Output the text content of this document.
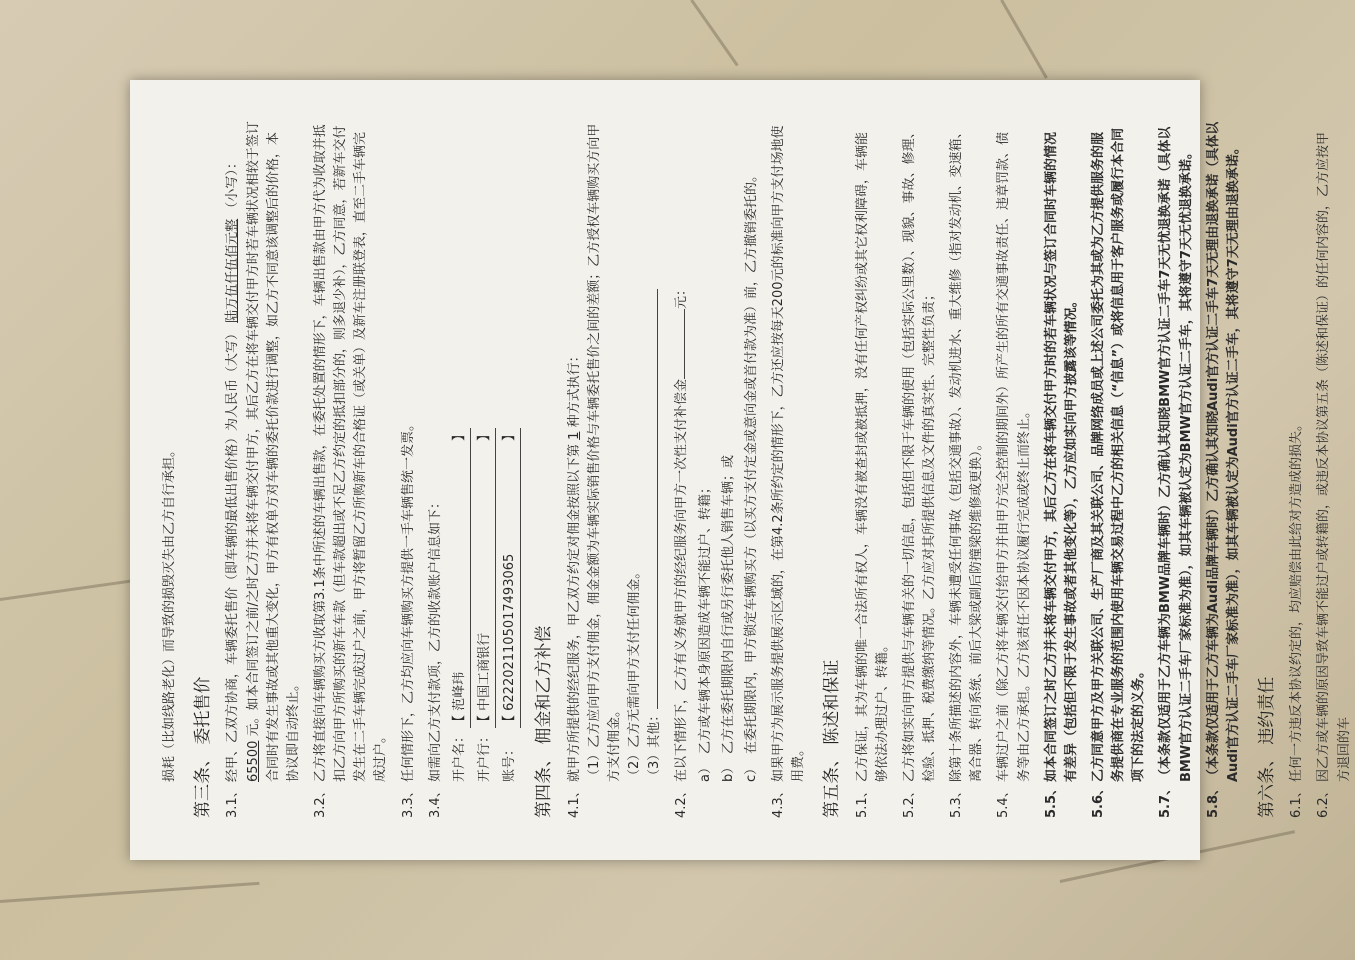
损耗（比如线路老化）而导致的损毁灭失由乙方自行承担。 第三条、 委托售价 3.1、
经甲、乙双方协商，车辆委托售价（即车辆的最低出售价格）为人民币（大写） 陆万伍仟伍佰元整 （小写）： 65500 元。如本合同签订之前/之时乙方并未将车辆交付甲方，其后乙方在将车辆交付甲方时若车辆状况相较于签订合同时有发生事故或其他重大变化，甲方有权单方对车辆的委托价款进行调整，如乙方不同意该调整后的价格，本协议即自动终止。
3.2、
乙方将直接向车辆购买方收取第3.1条中所述的车辆出售款，在委托处置的情形下，车辆出售款由甲方代为收取并抵扣乙方向甲方所购买的新车车款（但车款超出或不足乙方约定的抵扣部分的，则多退少补），乙方同意，若新车交付发生在二手车辆完成过户之前，甲方将暂留乙方所购新车的合格证（或关单）及新车注册联登表，直至二手车辆完成过户。
3.3、
任何情形下，乙方均应向车辆购买方提供一手车辆售统一发票。
3.4、
如需向乙方支付款项，乙方的收款账户信息如下： 开户名：
【 范峰玮
】
开户行：
【 中国工商银行
】
账号：
【 6222021105017493065
】
第四条、 佣金和乙方补偿 4.1、
就甲方所提供的经纪服务，甲乙双方约定对佣金按照以下第 1 种方式执行： （1）乙方应向甲方支付佣金，佣金金额为车辆实际销售价格与车辆委托售价之间的差额；乙方授权车辆购买方向甲方支付佣金。 （2）乙方无需向甲方支付任何佣金。 （3）其他：

4.2、
在以下情形下，乙方有义务就甲方的经纪服务向甲方一次性支付补偿金元：
a）
乙方或车辆本身原因造成车辆不能过户、转籍；
b）
乙方在委托期限内自行或另行委托他人销售车辆；或
c）
在委托期限内，甲方锁定车辆购买方（以买方支付定金或意向金或首付款为准）前，乙方撤销委托的。
4.3、
如果甲方为展示服务提供展示区域的，在第4.2条所约定的情形下，乙方还应按每天200元的标准向甲方支付场地使用费。 第五条、 陈述和保证 5.1、
乙方保证，其为车辆的唯一合法所有权人，车辆没有被查封或被抵押，没有任何产权纠纷或其它权利障碍，车辆能够依法办理过户、转籍。
5.2、
乙方将如实向甲方提供与车辆有关的一切信息，包括但不限于车辆的使用（包括实际公里数）、现貌、事故、修理、检验、抵押、税费缴纳等情况。乙方应对其所提供信息及文件的真实性、完整性负责；
5.3、
除第十条所描述的内容外，车辆未遭受任何事故（包括交通事故）、发动机进水、重大维修（指对发动机、变速箱、离合器、转向系统、前后大梁或副后防撞梁的维修或更换）。
5.4、
车辆过户之前（除乙方将车辆交付给甲方并由甲方完全控制的期间外）所产生的所有交通事故责任、违章罚款、债务等由乙方承担。乙方该责任不因本协议履行完成或终止而终止。
5.5、
如本合同签订之时乙方并未将车辆交付甲方，其后乙方在将车辆交付甲方时的若车辆状况与签订合同时车辆的情况有差异（包括但不限于发生事故或者其他变化等），乙方应如实向甲方披露该等情况。
5.6、
乙方同意甲方及甲方关联公司、生产厂商及其关联公司、品牌网络成员或上述公司委托为其或为乙方提供服务的服务提供商在专业服务的范围内使用车辆交易过程中乙方的相关信息（“信息”）或将信息用于客户服务或履行本合同项下的法定的义务。
5.7、
（本条款仅适用于乙方车辆为BMW品牌车辆时）乙方确认其知晓BMW官方认证二手车7天无忧退换承诺（具体以BMW官方认证二手车厂家标准为准），如其车辆被认定为BMW官方认证二手车，其将遵守7天无忧退换承诺。
5.8、
（本条款仅适用于乙方车辆为Audi品牌车辆时）乙方确认其知晓Audi官方认证二手车7天无理由退换承诺（具体以Audi官方认证二手车厂家标准为准），如其车辆被认定为Audi官方认证二手车，其将遵守7天无理由退换承诺。 第六条、 违约责任 6.1、
任何一方违反本协议约定的，均应赔偿由此给对方造成的损失。
6.2、
因乙方或车辆的原因导致车辆不能过户或转籍的，或违反本协议第五条（陈述和保证）的任何内容的，乙方应按甲方退回的车
